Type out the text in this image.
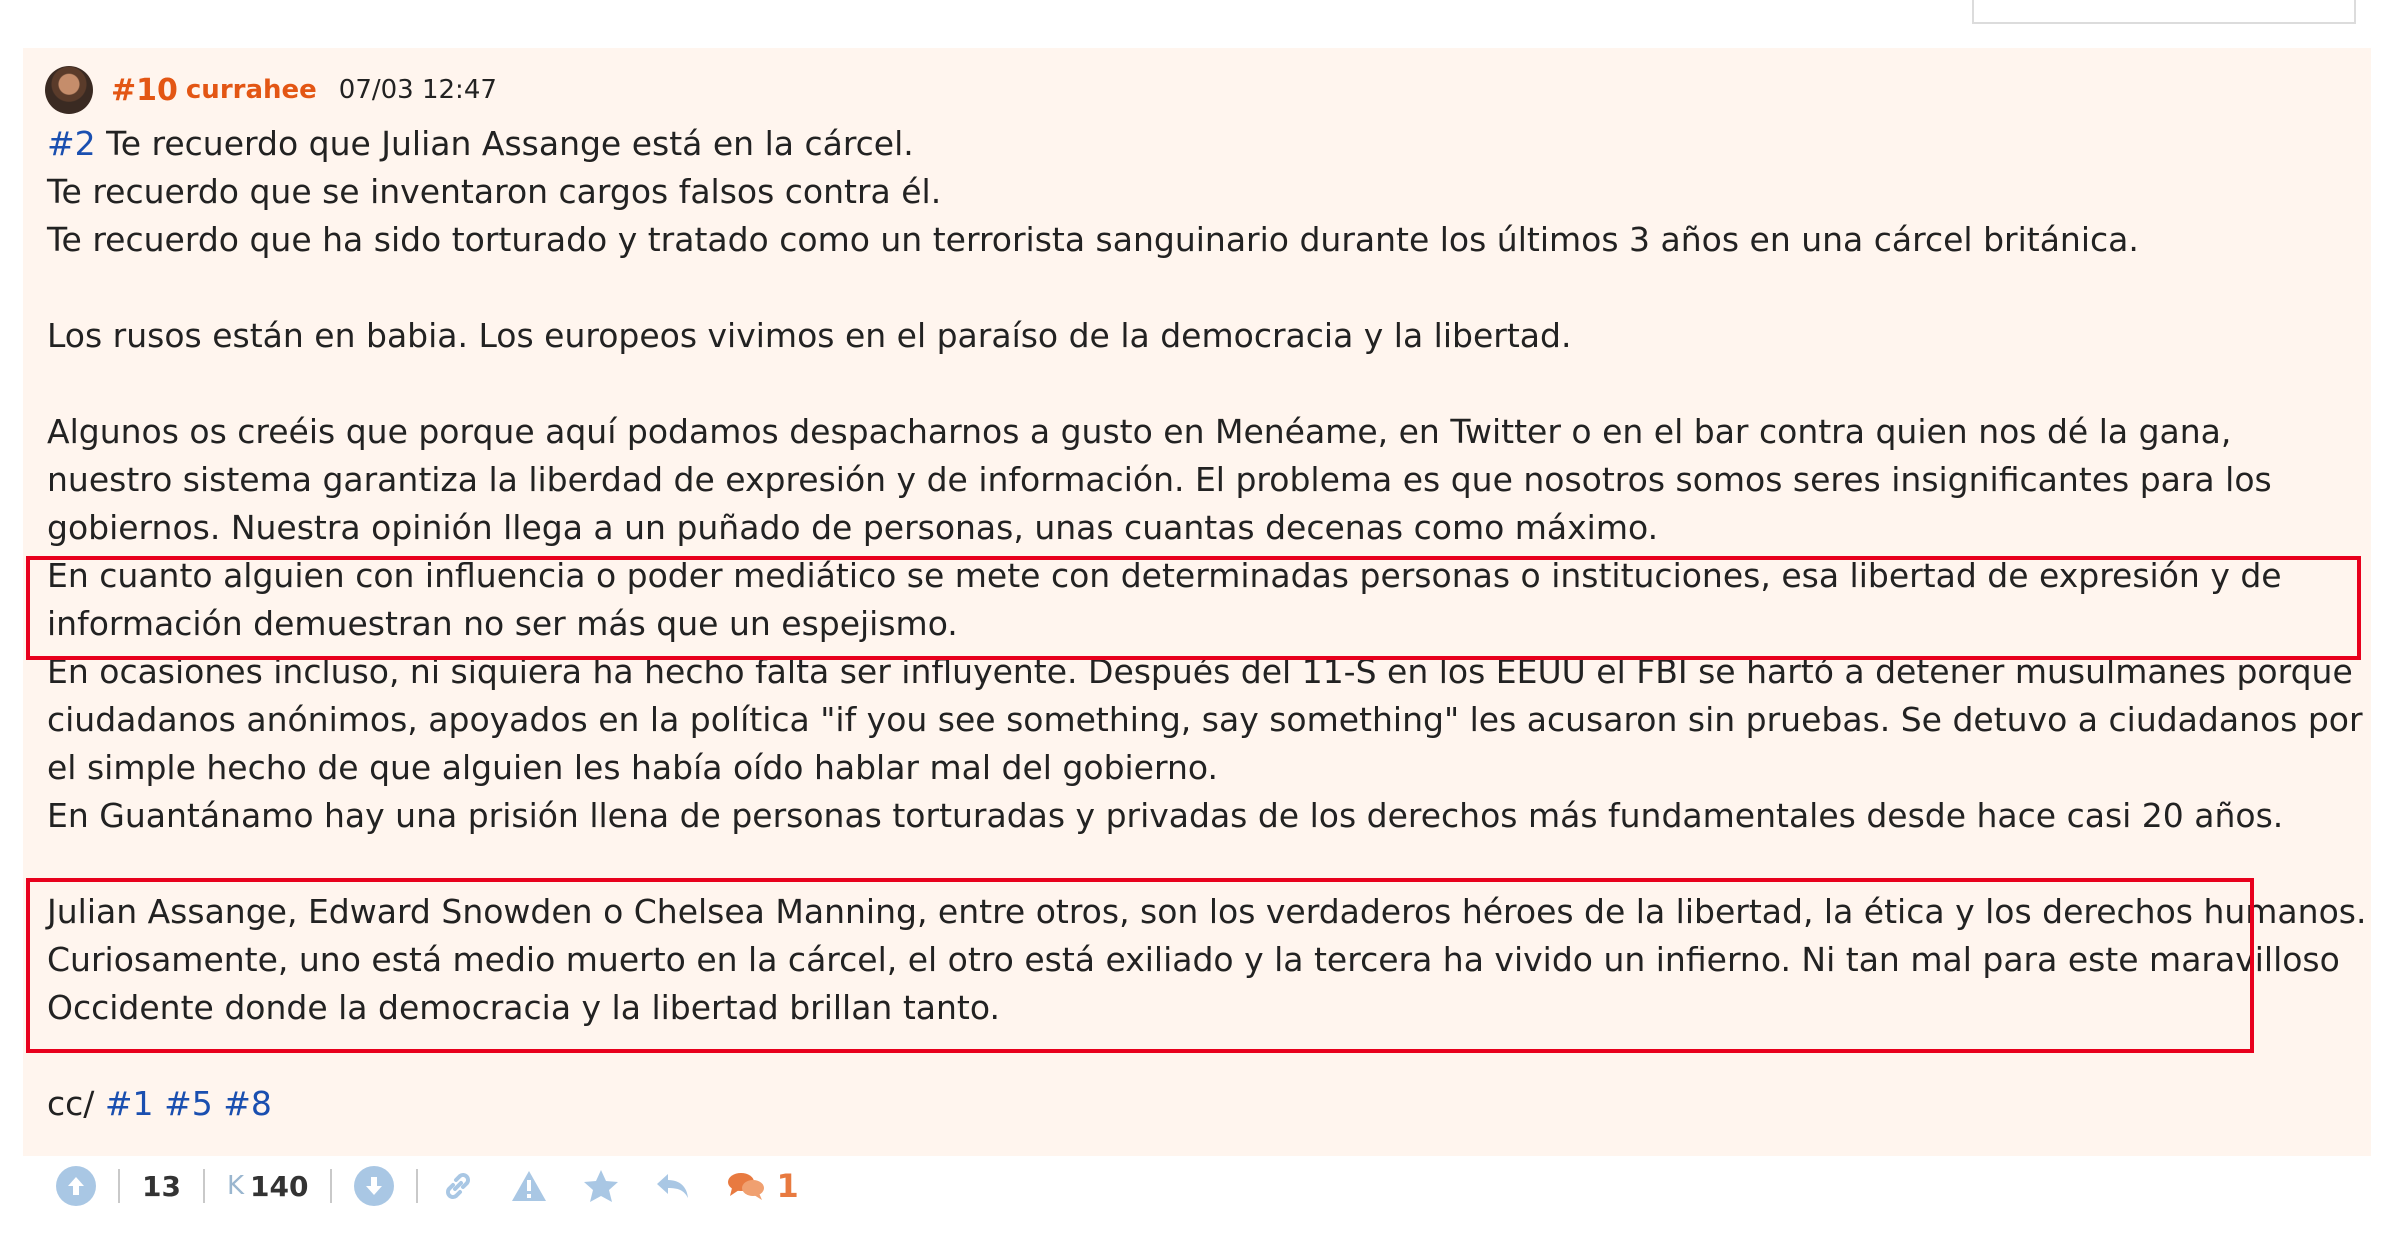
#10 currahee 07/03 12:47

#2 Te recuerdo que Julian Assange está en la cárcel.

Te recuerdo que se inventaron cargos falsos contra él.

Te recuerdo que ha sido torturado y tratado como un terrorista sanguinario durante los últimos 3 años en una cárcel británica.

Los rusos están en babia. Los europeos vivimos en el paraíso de la democracia y la libertad.

Algunos os creéis que porque aquí podamos despacharnos a gusto en Menéame, en Twitter o en el bar contra quien nos dé la gana, nuestro sistema garantiza la liberdad de expresión y de información. El problema es que nosotros somos seres insignificantes para los gobiernos. Nuestra opinión llega a un puñado de personas, unas cuantas decenas como máximo.

En cuanto alguien con influencia o poder mediático se mete con determinadas personas o instituciones, esa libertad de expresión y de información demuestran no ser más que un espejismo.

En ocasiones incluso, ni siquiera ha hecho falta ser influyente. Después del 11-S en los EEUU el FBI se hartó a detener musulmanes porque ciudadanos anónimos, apoyados en la política "if you see something, say something" les acusaron sin pruebas. Se detuvo a ciudadanos por el simple hecho de que alguien les había oído hablar mal del gobierno.

En Guantánamo hay una prisión llena de personas torturadas y privadas de los derechos más fundamentales desde hace casi 20 años.

Julian Assange, Edward Snowden o Chelsea Manning, entre otros, son los verdaderos héroes de la libertad, la ética y los derechos humanos. Curiosamente, uno está medio muerto en la cárcel, el otro está exiliado y la tercera ha vivido un infierno. Ni tan mal para este maravilloso Occidente donde la democracia y la libertad brillan tanto.

cc/ #1 #5 #8

13 K 140	1
